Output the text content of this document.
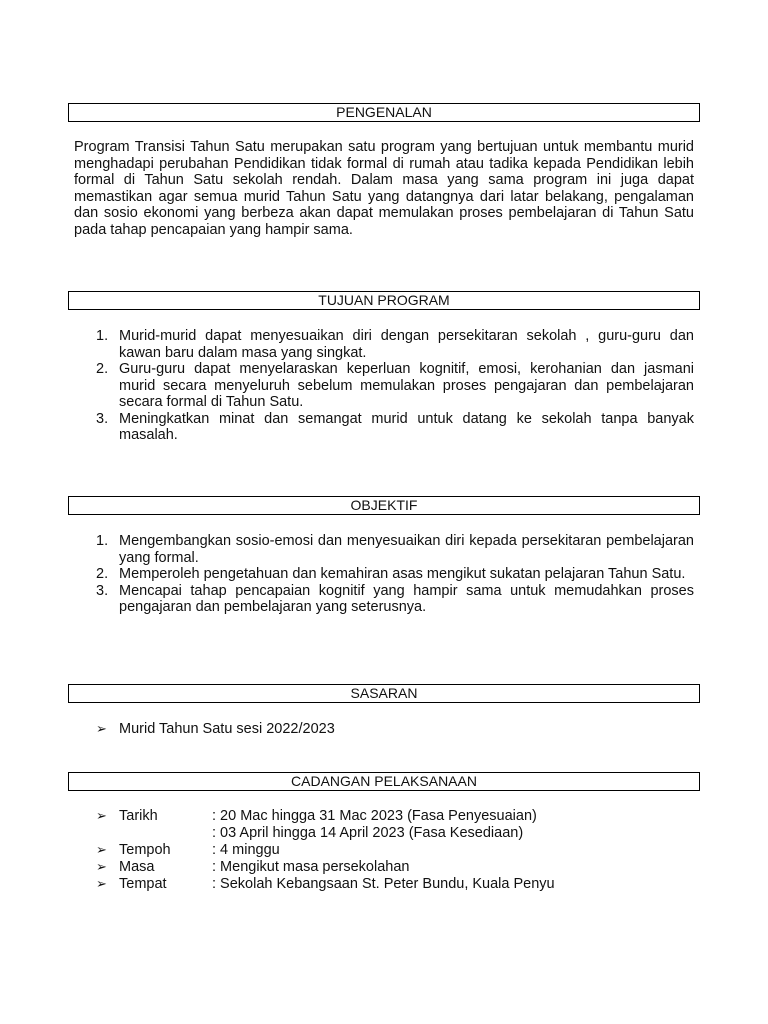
PENGENALAN

Program Transisi Tahun Satu merupakan satu program yang bertujuan untuk membantu murid menghadapi perubahan Pendidikan tidak formal di rumah atau tadika kepada Pendidikan lebih formal di Tahun Satu sekolah rendah. Dalam masa yang sama program ini juga dapat memastikan agar semua murid Tahun Satu yang datangnya dari latar belakang, pengalaman dan sosio ekonomi yang berbeza akan dapat memulakan proses pembelajaran di Tahun Satu pada tahap pencapaian yang hampir sama.

TUJUAN PROGRAM
1. Murid-murid dapat menyesuaikan diri dengan persekitaran sekolah , guru-guru dan kawan baru dalam masa yang singkat.
2. Guru-guru dapat menyelaraskan keperluan kognitif, emosi, kerohanian dan jasmani murid secara menyeluruh sebelum memulakan proses pengajaran dan pembelajaran secara formal di Tahun Satu.
3. Meningkatkan minat dan semangat murid untuk datang ke sekolah tanpa banyak masalah.
OBJEKTIF
1. Mengembangkan sosio-emosi dan menyesuaikan diri kepada persekitaran pembelajaran yang formal.
2. Memperoleh pengetahuan dan kemahiran asas mengikut sukatan pelajaran Tahun Satu.
3. Mencapai tahap pencapaian kognitif yang hampir sama untuk memudahkan proses pengajaran dan pembelajaran yang seterusnya.
SASARAN
➢ Murid Tahun Satu sesi 2022/2023
CADANGAN PELAKSANAAN
➢ Tarikh	: 20 Mac hingga 31 Mac 2023 (Fasa Penyesuaian)
: 03 April hingga 14 April 2023 (Fasa Kesediaan)
➢ Tempoh	: 4 minggu
➢ Masa	: Mengikut masa persekolahan
➢ Tempat	: Sekolah Kebangsaan St. Peter Bundu, Kuala Penyu
